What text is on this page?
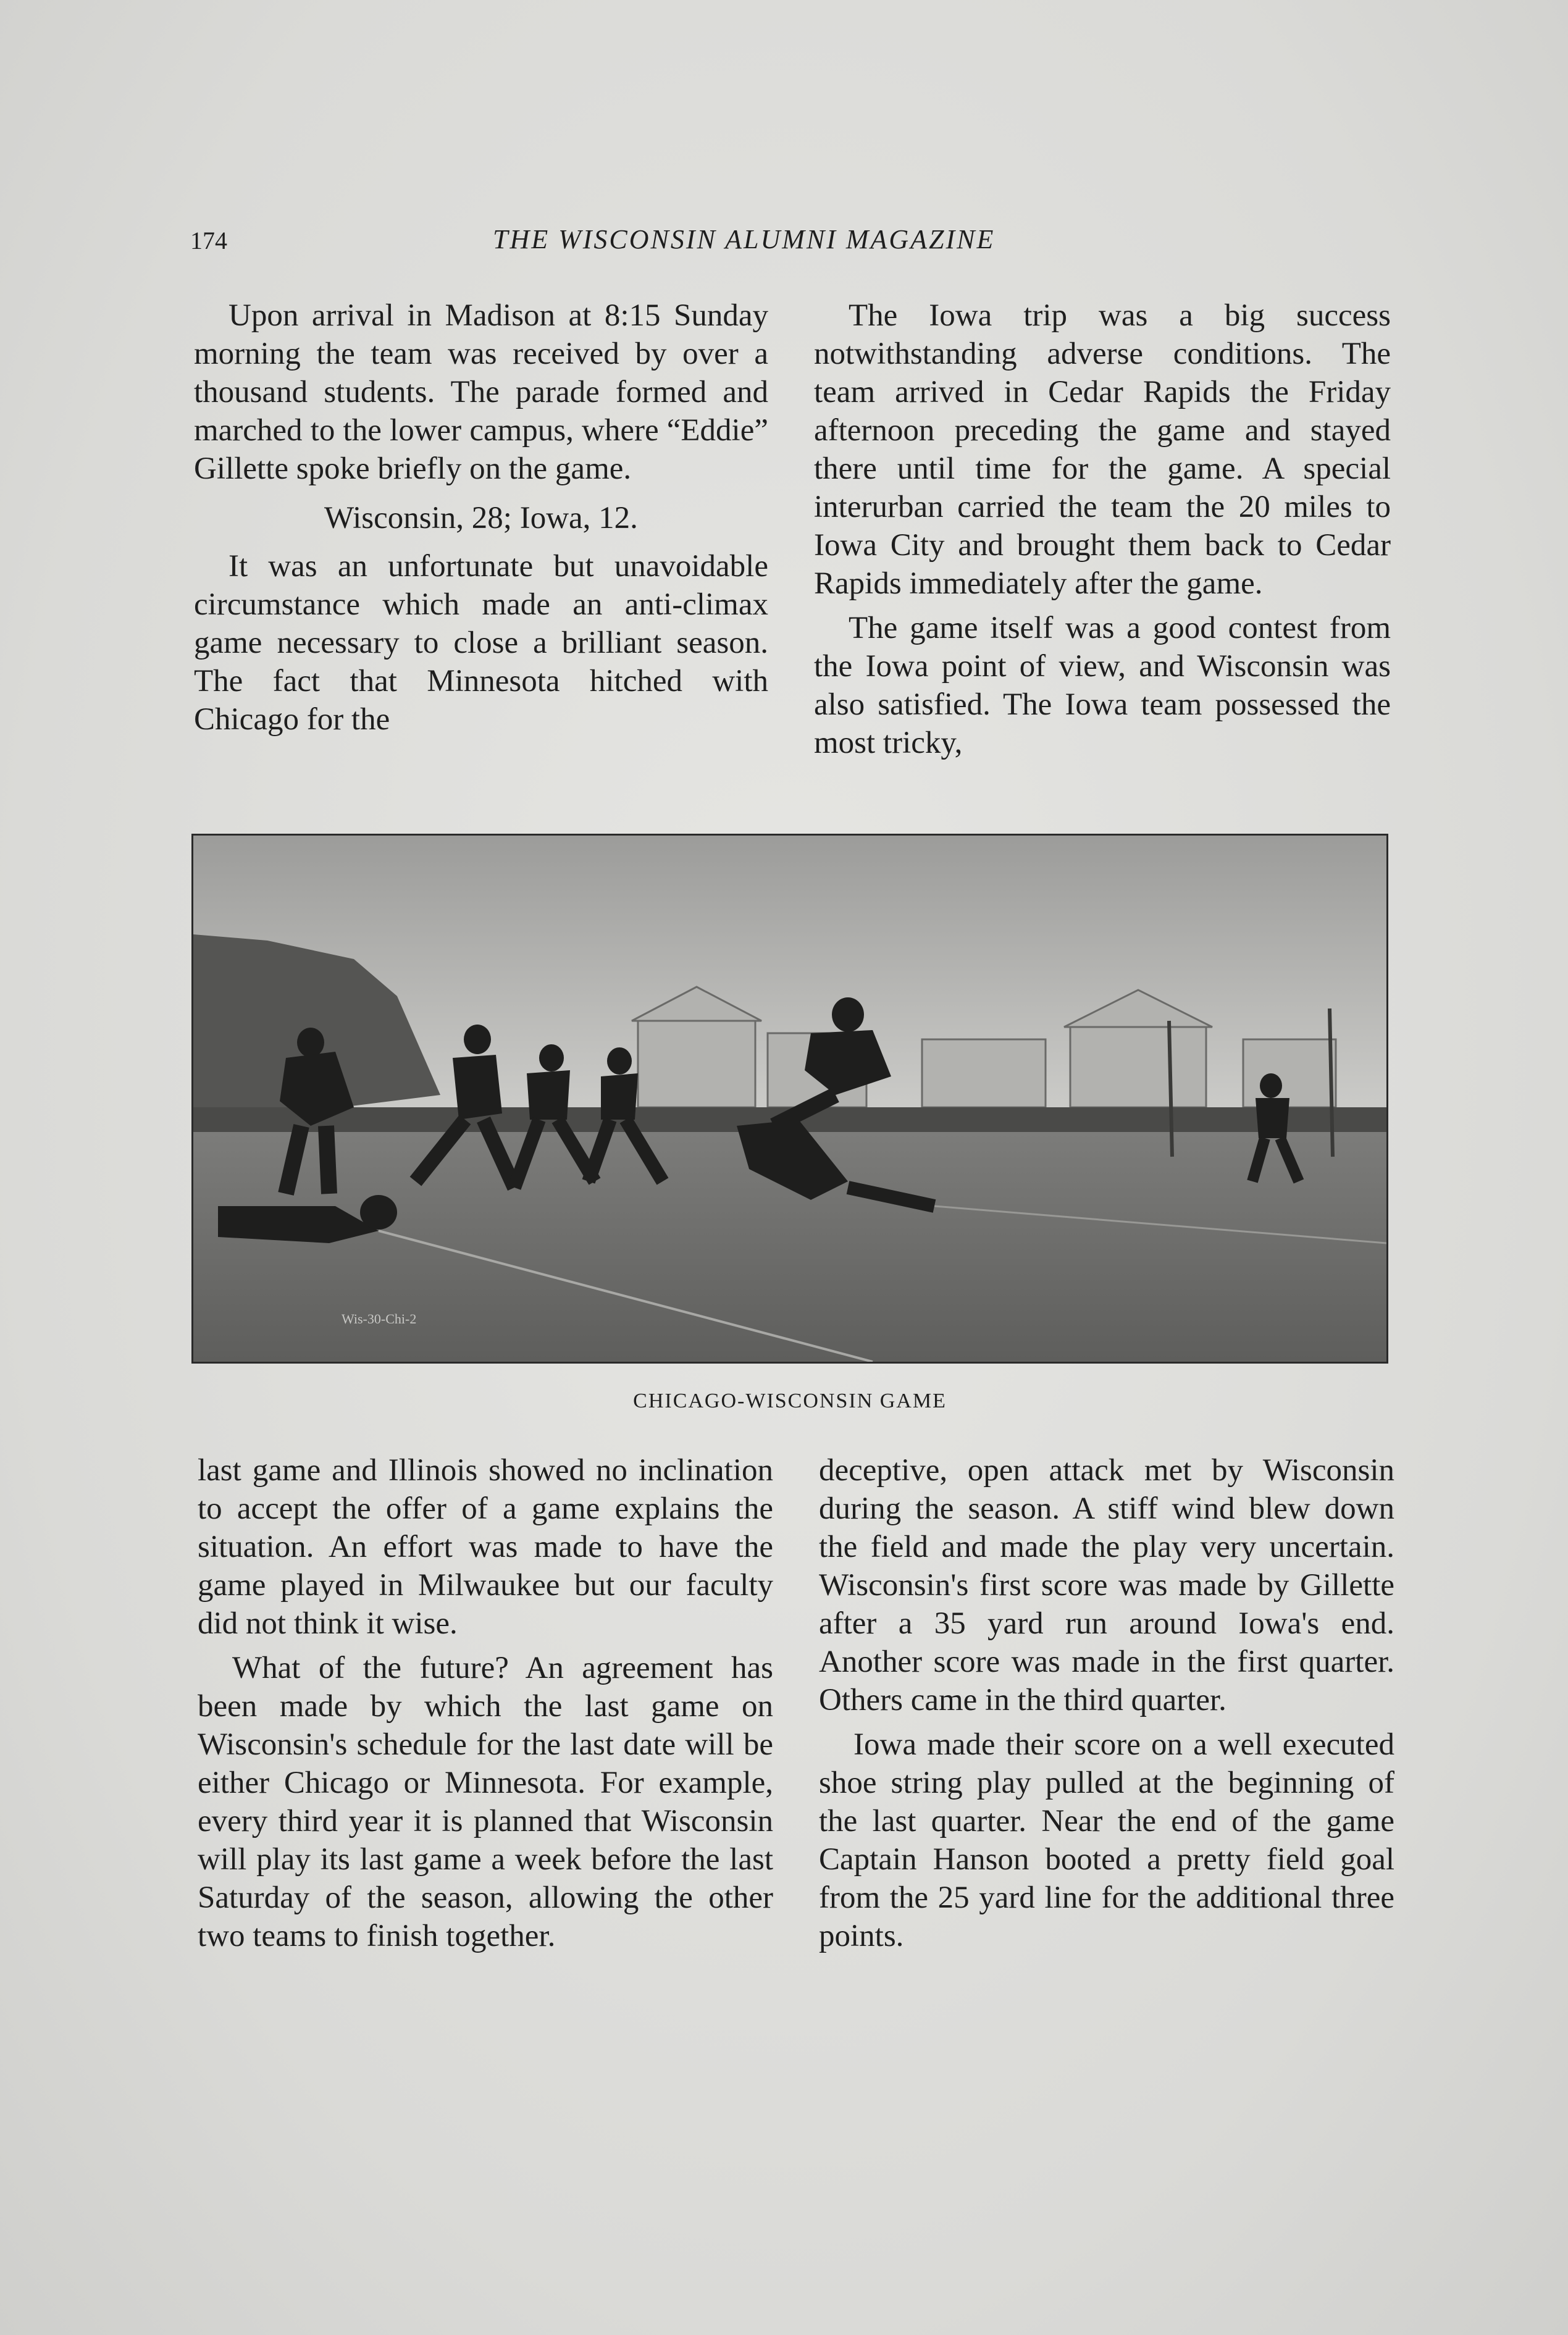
174	THE WISCONSIN ALUMNI MAGAZINE

Upon arrival in Madison at 8:15 Sunday morning the team was received by over a thousand students. The parade formed and marched to the lower campus, where “Eddie” Gillette spoke briefly on the game.

Wisconsin, 28; Iowa, 12.

It was an unfortunate but unavoidable circumstance which made an anti-climax game necessary to close a brilliant season. The fact that Minnesota hitched with Chicago for the

The Iowa trip was a big success notwithstanding adverse conditions. The team arrived in Cedar Rapids the Friday afternoon preceding the game and stayed there until time for the game. A special interurban carried the team the 20 miles to Iowa City and brought them back to Cedar Rapids immediately after the game.

The game itself was a good contest from the Iowa point of view, and Wisconsin was also satisfied. The Iowa team possessed the most tricky,

Wis-30-Chi-2
CHICAGO-WISCONSIN GAME

last game and Illinois showed no inclination to accept the offer of a game explains the situation. An effort was made to have the game played in Milwaukee but our faculty did not think it wise.

What of the future? An agreement has been made by which the last game on Wisconsin's schedule for the last date will be either Chicago or Minnesota. For example, every third year it is planned that Wisconsin will play its last game a week before the last Saturday of the season, allowing the other two teams to finish together.

deceptive, open attack met by Wisconsin during the season. A stiff wind blew down the field and made the play very uncertain. Wisconsin's first score was made by Gillette after a 35 yard run around Iowa's end. Another score was made in the first quarter. Others came in the third quarter.

Iowa made their score on a well executed shoe string play pulled at the beginning of the last quarter. Near the end of the game Captain Hanson booted a pretty field goal from the 25 yard line for the additional three points.
